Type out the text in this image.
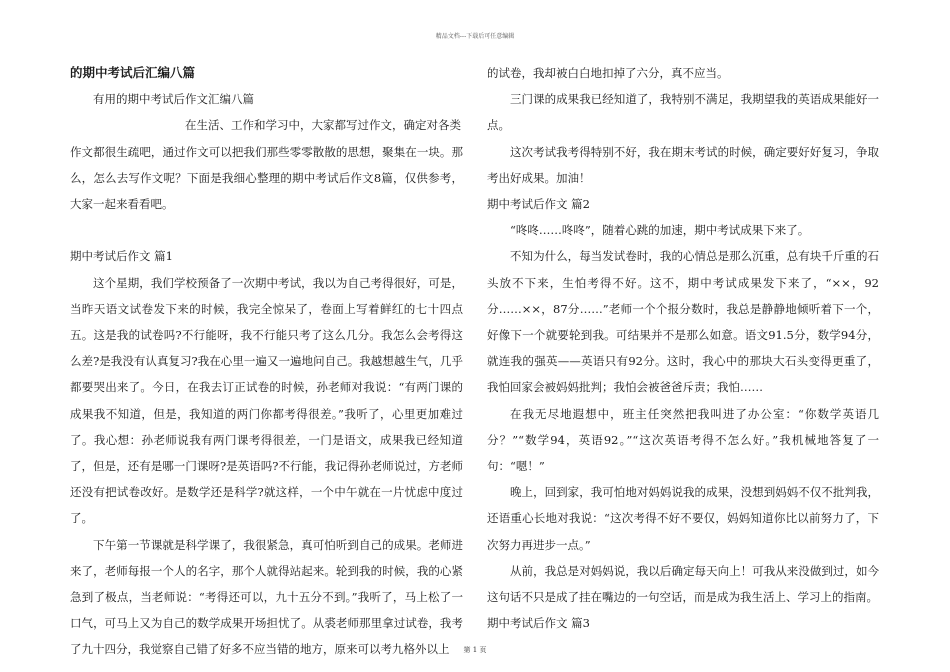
精品文档---下载后可任意编辑

的期中考试后汇编八篇

有用的期中考试后作文汇编八篇

在生活、工作和学习中，大家都写过作文，确定对各类

作文都很生疏吧，通过作文可以把我们那些零零散散的思想，聚集在一块。那么，怎么去写作文呢？下面是我细心整理的期中考试后作文8篇，仅供参考，大家一起来看看吧。

期中考试后作文 篇1

这个星期，我们学校预备了一次期中考试，我以为自己考得很好，可是，当昨天语文试卷发下来的时候，我完全惊呆了，卷面上写着鲜红的七十四点五。这是我的试卷吗?不行能呀，我不行能只考了这么几分。我怎么会考得这么差?是我没有认真复习?我在心里一遍又一遍地问自己。我越想越生气，几乎都要哭出来了。今日，在我去订正试卷的时候，孙老师对我说：“有两门课的成果我不知道，但是，我知道的两门你都考得很差。”我听了，心里更加难过了。我心想：孙老师说我有两门课考得很差，一门是语文，成果我已经知道了，但是，还有是哪一门课呀?是英语吗?不行能，我记得孙老师说过，方老师还没有把试卷改好。是数学还是科学?就这样，一个中午就在一片忧虑中度过了。

下午第一节课就是科学课了，我很紧急，真可怕听到自己的成果。老师进来了，老师每报一个人的名字，那个人就得站起来。轮到我的时候，我的心紧急到了极点，当老师说：“考得还可以，九十五分不到。”我听了，马上松了一口气，可马上又为自己的数学成果开场担忧了。从裘老师那里拿过试卷，我考了九十四分，我觉察自己错了好多不应当错的地方，原来可以考九格外以上

的试卷，我却被白白地扣掉了六分，真不应当。

三门课的成果我已经知道了，我特别不满足，我期望我的英语成果能好一点。

这次考试我考得特别不好，我在期末考试的时候，确定要好好复习，争取考出好成果。加油！

期中考试后作文 篇2

“咚咚……咚咚”，随着心跳的加速，期中考试成果下来了。

不知为什么，每当发试卷时，我的心情总是那么沉重，总有块千斤重的石头放不下来，生怕考得不好。这不，期中考试成果发下来了，“××，92分……××，87分……”老师一个个报分数时，我总是静静地倾听着下一个，好像下一个就要轮到我。可结果并不是那么如意。语文91.5分，数学94分，就连我的强英——英语只有92分。这时，我心中的那块大石头变得更重了，我怕回家会被妈妈批判；我怕会被爸爸斥责；我怕……

在我无尽地遐想中，班主任突然把我叫进了办公室：“你数学英语几分？”“数学94，英语92。”“这次英语考得不怎么好。”我机械地答复了一句：“嗯！”

晚上，回到家，我可怕地对妈妈说我的成果，没想到妈妈不仅不批判我，还语重心长地对我说：“这次考得不好不要仅，妈妈知道你比以前努力了，下次努力再进步一点。”

从前，我总是对妈妈说，我以后确定每天向上！可我从来没做到过，如今这句话不只是成了挂在嘴边的一句空话，而是成为我生活上、学习上的指南。

期中考试后作文 篇3

第 1 页
